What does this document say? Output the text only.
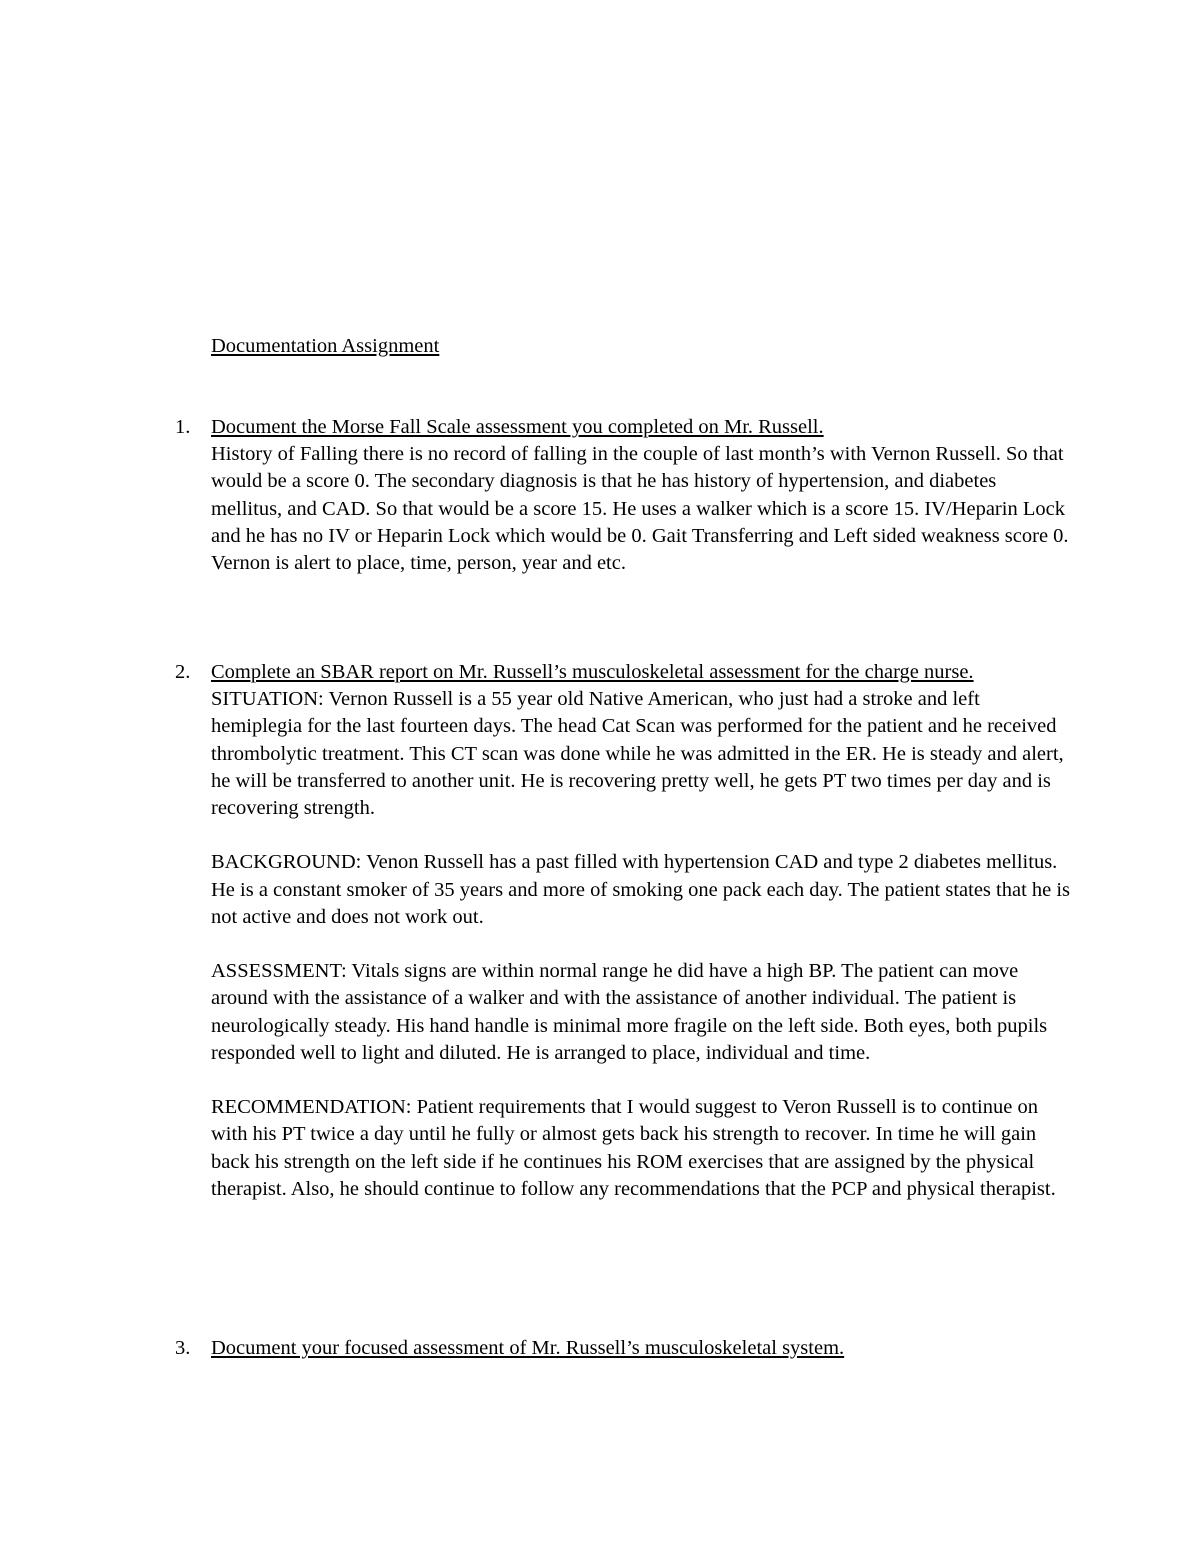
Documentation Assignment
1. Document the Morse Fall Scale assessment you completed on Mr. Russell.
History of Falling there is no record of falling in the couple of last month’s with Vernon Russell. So that would be a score 0. The secondary diagnosis is that he has history of hypertension, and diabetes mellitus, and CAD. So that would be a score 15. He uses a walker which is a score 15. IV/Heparin Lock and he has no IV or Heparin Lock which would be 0. Gait Transferring and Left sided weakness score 0. Vernon is alert to place, time, person, year and etc.
2. Complete an SBAR report on Mr. Russell’s musculoskeletal assessment for the charge nurse.
SITUATION: Vernon Russell is a 55 year old Native American, who just had a stroke and left hemiplegia for the last fourteen days. The head Cat Scan was performed for the patient and he received thrombolytic treatment. This CT scan was done while he was admitted in the ER. He is steady and alert, he will be transferred to another unit. He is recovering pretty well, he gets PT two times per day and is recovering strength.
BACKGROUND: Venon Russell has a past filled with hypertension CAD and type 2 diabetes mellitus. He is a constant smoker of 35 years and more of smoking one pack each day. The patient states that he is not active and does not work out.
ASSESSMENT: Vitals signs are within normal range he did have a high BP. The patient can move around with the assistance of a walker and with the assistance of another individual. The patient is neurologically steady. His hand handle is minimal more fragile on the left side. Both eyes, both pupils responded well to light and diluted. He is arranged to place, individual and time.
RECOMMENDATION: Patient requirements that I would suggest to Veron Russell is to continue on with his PT twice a day until he fully or almost gets back his strength to recover. In time he will gain back his strength on the left side if he continues his ROM exercises that are assigned by the physical therapist. Also, he should continue to follow any recommendations that the PCP and physical therapist.
3. Document your focused assessment of Mr. Russell’s musculoskeletal system.
